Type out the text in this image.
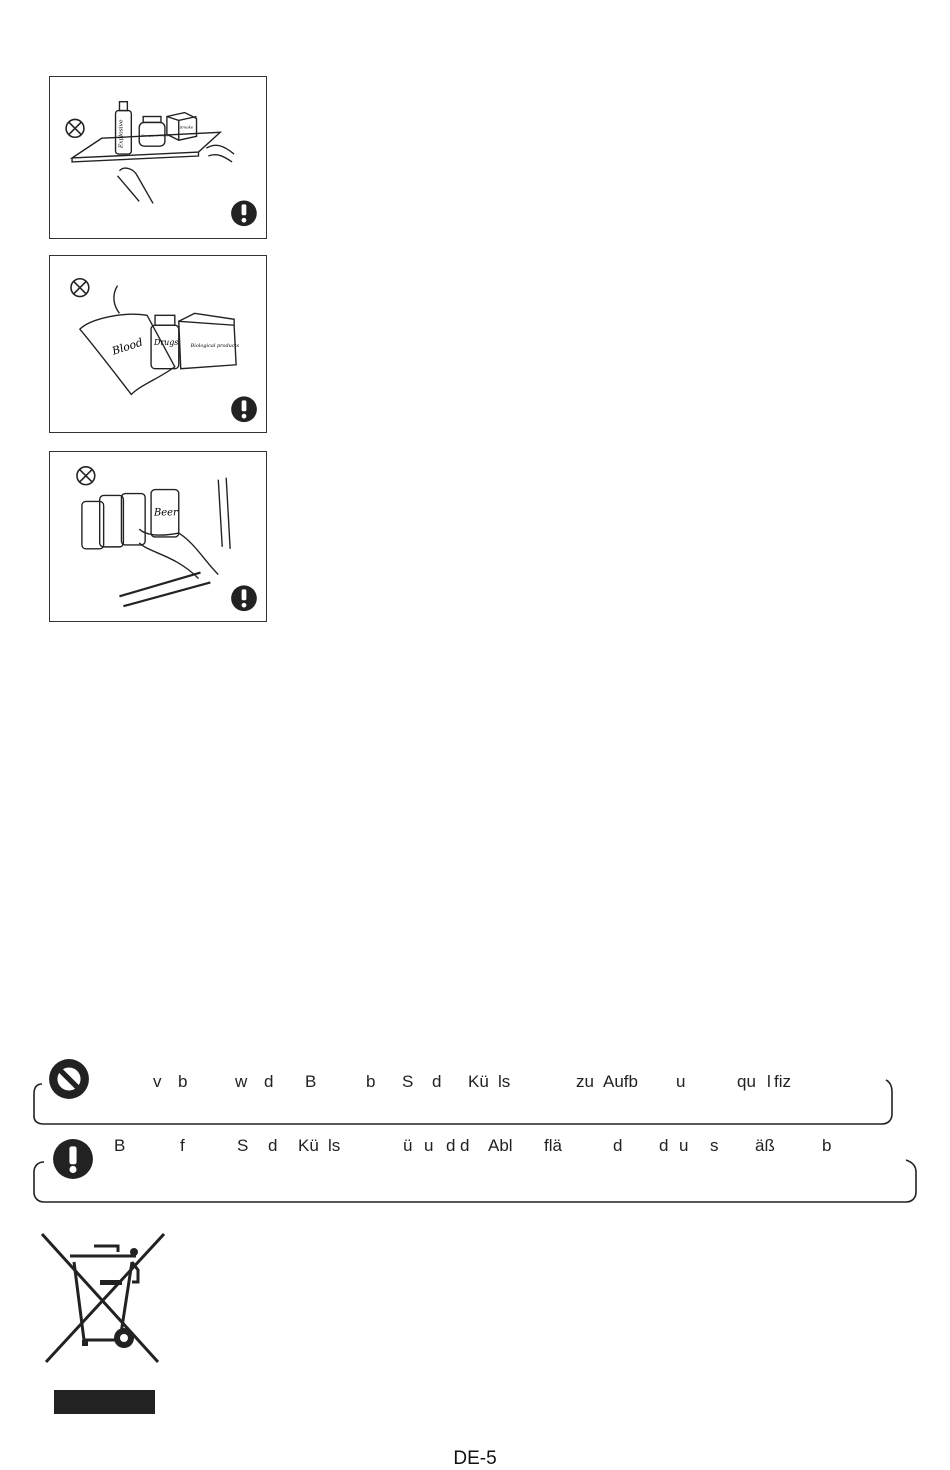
Explosive	Strongly corrosive
Smoke
Blood Drugs Biological products
Beer
v b	w d B	b S d Kü ls	zu Aufb u	qu l fiz
B	f	S d Kü ls	ü u d d Abl flä	d d u s äß	b
DE-5
